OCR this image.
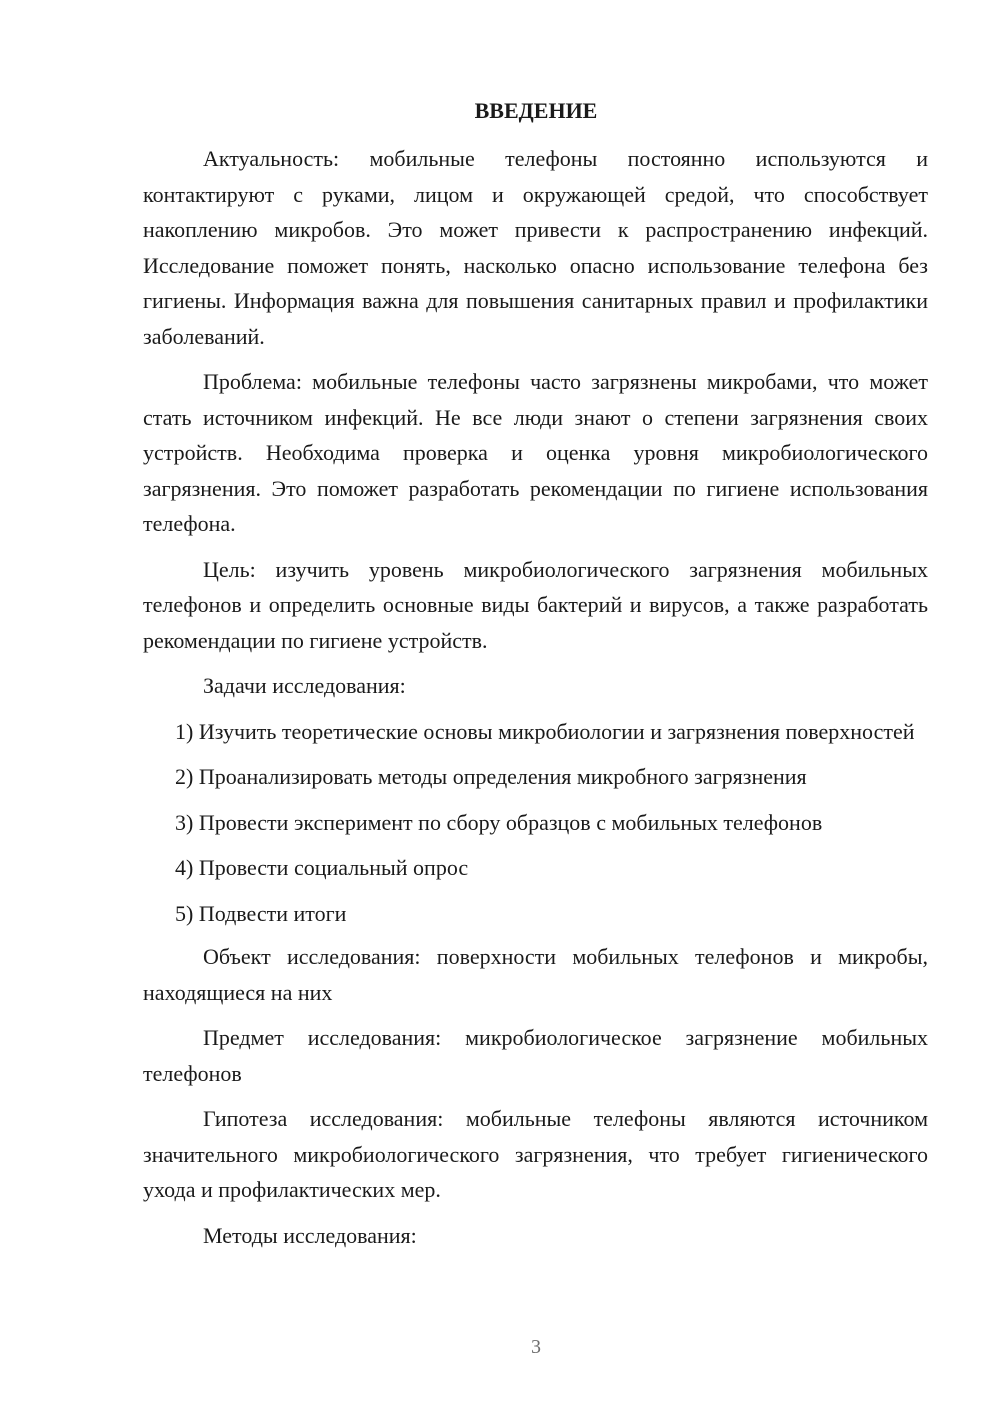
ВВЕДЕНИЕ

Актуальность: мобильные телефоны постоянно используются и контактируют с руками, лицом и окружающей средой, что способствует накоплению микробов. Это может привести к распространению инфекций. Исследование поможет понять, насколько опасно использование телефона без гигиены. Информация важна для повышения санитарных правил и профилактики заболеваний.

Проблема: мобильные телефоны часто загрязнены микробами, что может стать источником инфекций. Не все люди знают о степени загрязнения своих устройств. Необходима проверка и оценка уровня микробиологического загрязнения. Это поможет разработать рекомендации по гигиене использования телефона.

Цель: изучить уровень микробиологического загрязнения мобильных телефонов и определить основные виды бактерий и вирусов, а также разработать рекомендации по гигиене устройств.

Задачи исследования:

1) Изучить теоретические основы микробиологии и загрязнения поверхностей

2) Проанализировать методы определения микробного загрязнения

3) Провести эксперимент по сбору образцов с мобильных телефонов

4) Провести социальный опрос

5) Подвести итоги

Объект исследования: поверхности мобильных телефонов и микробы, находящиеся на них

Предмет исследования: микробиологическое загрязнение мобильных телефонов

Гипотеза исследования: мобильные телефоны являются источником значительного микробиологического загрязнения, что требует гигиенического ухода и профилактических мер.

Методы исследования:

3
